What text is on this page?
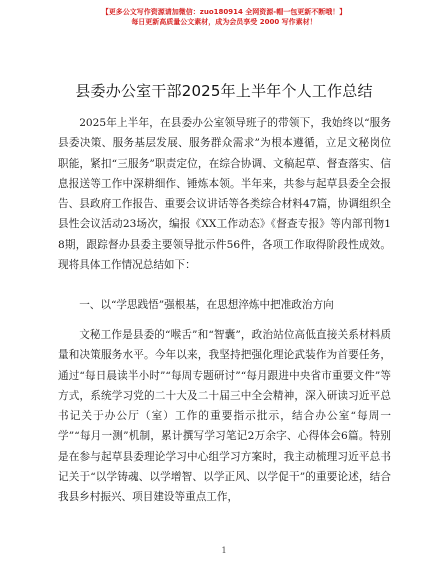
【更多公文写作资源请加微信：zuo180914 全网资源-帽一包更新不断哦！】
每日更新高质量公文素材，成为会员享受 2000 写作素材！
县委办公室干部2025年上半年个人工作总结

2025年上半年，在县委办公室领导班子的带领下，我始终以“服务县委决策、服务基层发展、服务群众需求”为根本遵循，立足文秘岗位职能，紧扣“三服务”职责定位，在综合协调、文稿起草、督查落实、信息报送等工作中深耕细作、锤炼本领。半年来，共参与起草县委全会报告、县政府工作报告、重要会议讲话等各类综合材料47篇，协调组织全县性会议活动23场次，编报《XX工作动态》《督查专报》等内部刊物18期，跟踪督办县委主要领导批示件56件，各项工作取得阶段性成效。现将具体工作情况总结如下：

一、以“学思践悟”强根基，在思想淬炼中把准政治方向

文秘工作是县委的“喉舌”和“智囊”，政治站位高低直接关系材料质量和决策服务水平。今年以来，我坚持把强化理论武装作为首要任务，通过“每日晨读半小时”“每周专题研讨”“每月跟进中央省市重要文件”等方式，系统学习党的二十大及二十届三中全会精神，深入研读习近平总书记关于办公厅（室）工作的重要指示批示，结合办公室“每周一学”“每月一测”机制，累计撰写学习笔记2万余字、心得体会6篇。特别是在参与起草县委理论学习中心组学习方案时，我主动梳理习近平总书记关于“以学铸魂、以学增智、以学正风、以学促干”的重要论述，结合我县乡村振兴、项目建设等重点工作，

1
